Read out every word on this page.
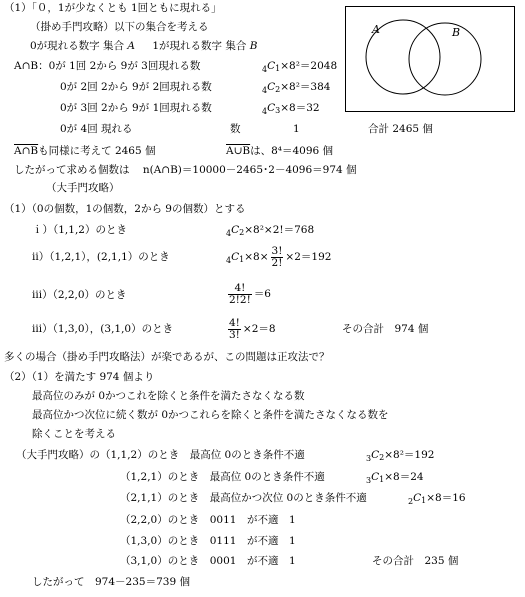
（1）「０，1が少なくとも 1回ともに現れる」
A	B
（掛め手門攻略）以下の集合を考える
0が現れる数字 集合 A 1が現れる数字 集合 B
A∩B：0が 1回 2から 9が 3回現れる数	$_4C_1\times 8^2=2048$
0が 2回 2から 9が 2回現れる数	$_4C_2\times 8^2=384$
0が 3回 2から 9が 1回現れる数	$_4C_3\times 8=32$
0が 4回 現れる	数	1	合計 2465 個
A∩Bも同様に考えて 2465 個	A∪Bは、8⁴＝4096 個
したがって求める個数は n(A∩B)＝10000－2465･2－4096＝974 個
（大手門攻略）
（1）（0の個数，1の個数，2から 9の個数）とする
ｉ）（1,1,2）のとき	$_4C_2\times 8^2\times 2!=768$
ⅱ）（1,2,1），(2,1,1）のとき	$_4C_1\times 8\times \frac{3!}{2!} \times 2=192$
ⅲ）（2,2,0）のとき	$\frac{4!}{2!2!} =6$
ⅲ）（1,3,0），(3,1,0）のとき	$\frac{4!}{3!} \times 2=8$	その合計　974 個
多くの場合（掛め手門攻略法）が楽であるが、この問題は正攻法で？
（2）（1）を満たす 974 個より
最高位のみが 0かつこれを除くと条件を満たさなくなる数
最高位かつ次位に続く数が 0かつこれらを除くと条件を満たさなくなる数を
除くことを考える
（大手門攻略）の（1,1,2）のとき　最高位 0のとき条件不適	$_3C_2\times 8^2=192$
（1,2,1）のとき　最高位 0のとき条件不適	$_3C_1\times 8=24$
（2,1,1）のとき　最高位かつ次位 0のとき条件不適	$_2C_1\times 8=16$
（2,2,0）のとき　0011　が不適　1
（1,3,0）のとき　0111　が不適　1
（3,1,0）のとき　0001　が不適　1	その合計　235 個
したがって　974－235＝739 個
